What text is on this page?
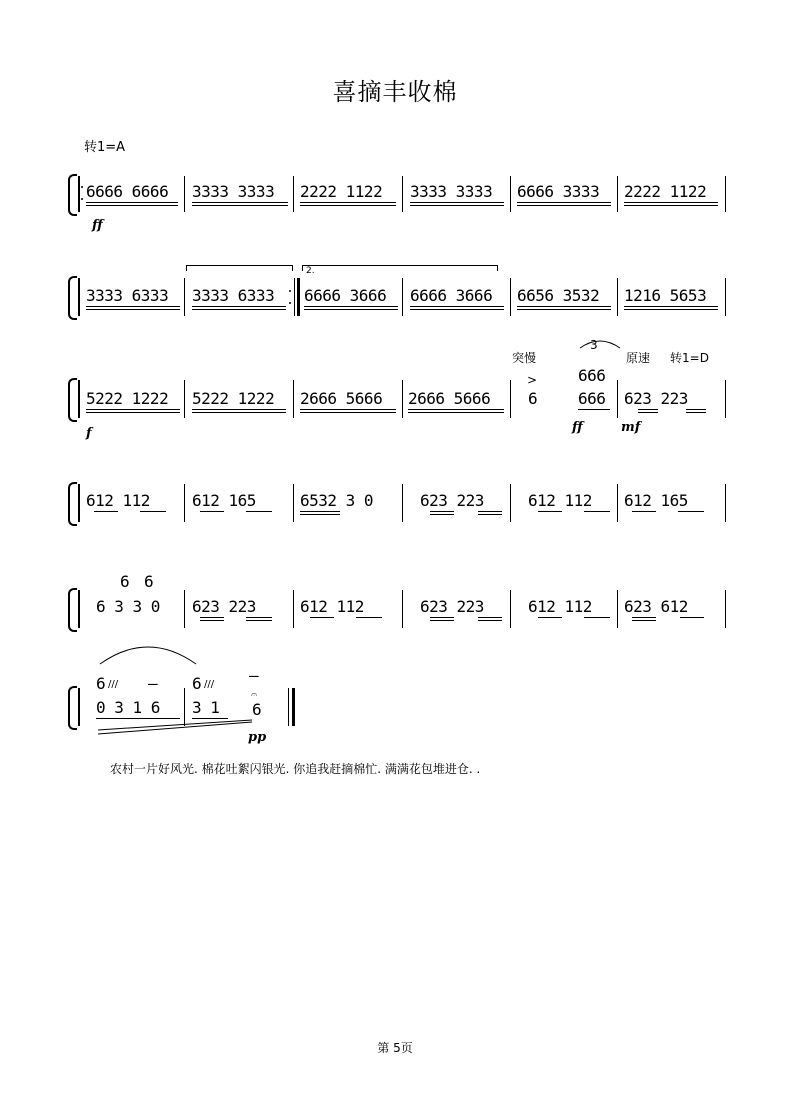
喜摘丰收棉
转1=A
6666 6666 3333 3333 2222 1122 3333 3333 6666 3333 2222 1122
ff
3333 6333 3333 6333
2.
6666 3666 6666 3666 6656 3532 1216 5653
突慢
>
3
原速 转1=D
5222 1222 5222 1222 2666 5666 2666 5666 6
666
666 623 223
f	ff	mf
612 112	612 165	6532 3 0	623 223	612 112 612 165
6 6
6 3 3 0 623 223	612 112	623 223	612 112 623 612
6 /// – 6 /// —
0 3 1 6 3 1
𝄐
6
pp
农村一片好风光. 棉花吐絮闪银光. 你追我赶摘棉忙. 满满花包堆进仓. .
第 5页
